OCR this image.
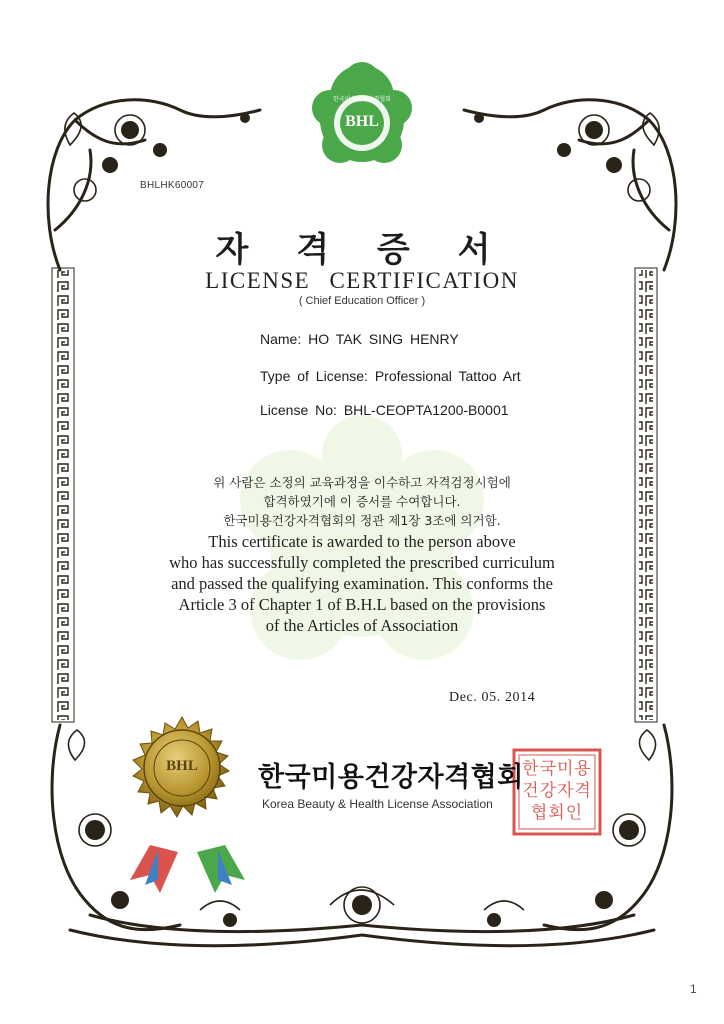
BHL
한국미용건강자격협회
BHLHK60007
자 격 증 서
LICENSE CERTIFICATION
( Chief Education Officer )
Name: HO TAK SING HENRY
Type of License: Professional Tattoo Art
License No: BHL-CEOPTA1200-B0001
위 사람은 소정의 교육과정을 이수하고 자격검정시험에
합격하였기에 이 증서를 수여합니다.
한국미용건강자격협회의 정관 제1장 3조에 의거함.
This certificate is awarded to the person above
who has successfully completed the prescribed curriculum
and passed the qualifying examination. This conforms the
Article 3 of Chapter 1 of B.H.L based on the provisions
of the Articles of Association
Dec. 05. 2014
BHL 한국미용건강자격협회
Korea Beauty & Health License Association
한국미용건강자격협회인
1
